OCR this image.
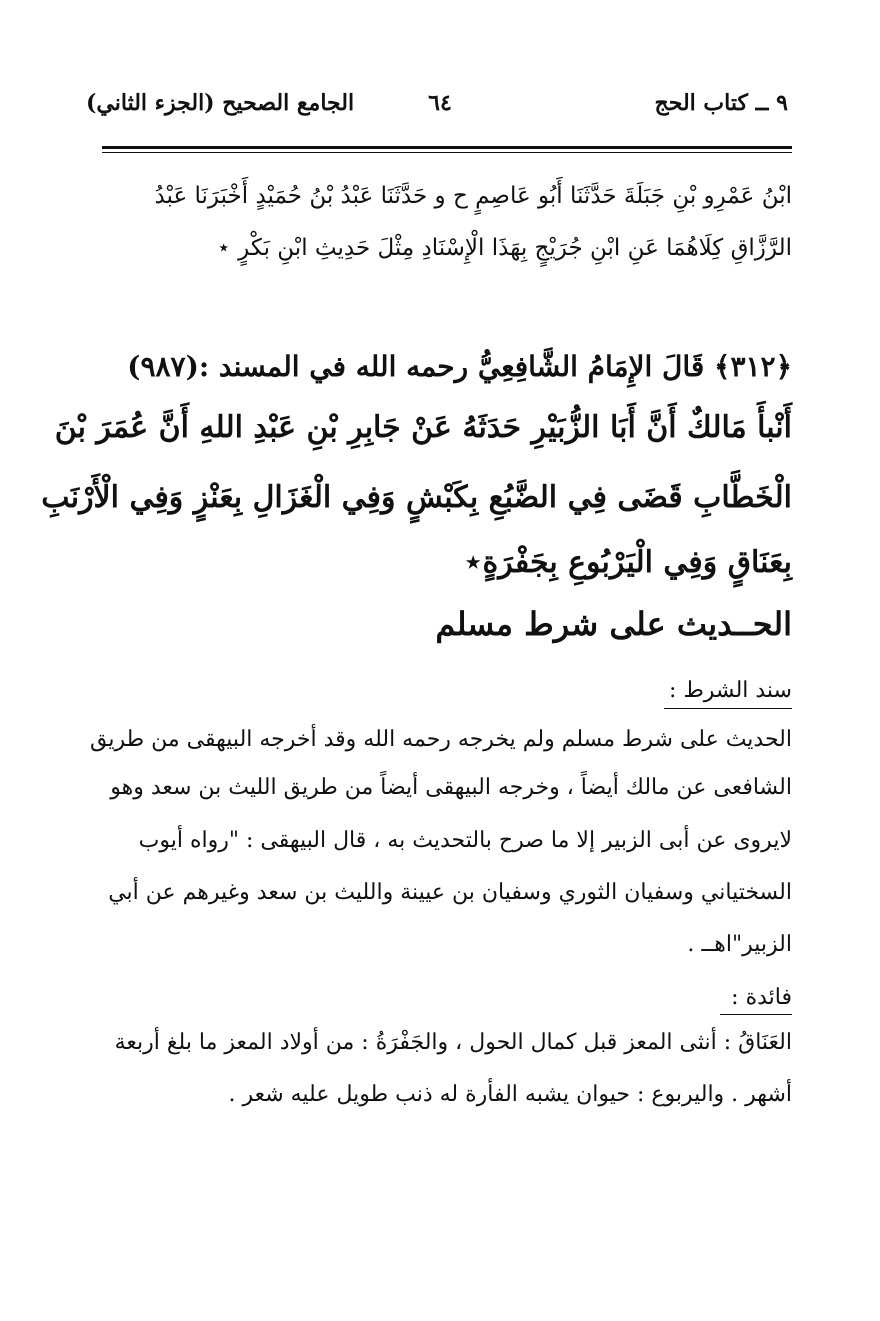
٩ ــ كتاب الحج
٦٤
الجامع الصحيح (الجزء الثاني)
ابْنُ عَمْرِو بْنِ جَبَلَةَ حَدَّثَنَا أَبُو عَاصِمٍ ح و حَدَّثَنَا عَبْدُ بْنُ حُمَيْدٍ أَخْبَرَنَا عَبْدُ
الرَّزَّاقِ كِلَاهُمَا عَنِ ابْنِ جُرَيْجٍ بِهَذَا الْإِسْنَادِ مِثْلَ حَدِيثِ ابْنِ بَكْرٍ ⋆
﴿٣١٢﴾ قَالَ الإِمَامُ الشَّافِعِيُّ رحمه الله في المسند :(٩٨٧)
أَنْبأَ مَالكٌ أَنَّ أَبَا الزُّبَيْرِ حَدَثَهُ عَنْ جَابِرِ بْنِ عَبْدِ اللهِ أَنَّ عُمَرَ بْنَ
الْخَطَّابِ قَضَى فِي الضَّبُعِ بِكَبْشٍ وَفِي الْغَزَالِ بِعَنْزٍ وَفِي الْأَرْنَبِ
بِعَنَاقٍ وَفِي الْيَرْبُوعِ بِجَفْرَةٍ⋆
الحــديث على شرط مسلم
سند الشرط :
الحديث على شرط مسلم ولم يخرجه رحمه الله وقد أخرجه البيهقى من طريق
الشافعى عن مالك أيضاً ، وخرجه البيهقى أيضاً من طريق الليث بن سعد وهو
لايروى عن أبى الزبير إلا ما صرح بالتحديث به ، قال البيهقى : "رواه أيوب
السختياني وسفيان الثوري وسفيان بن عيينة والليث بن سعد وغيرهم عن أبي
الزبير"اهــ .
فائدة :
العَنَاقُ : أنثى المعز قبل كمال الحول ، والجَفْرَةُ : من أولاد المعز ما بلغ أربعة
أشهر . واليربوع : حيوان يشبه الفأرة له ذنب طويل عليه شعر .
